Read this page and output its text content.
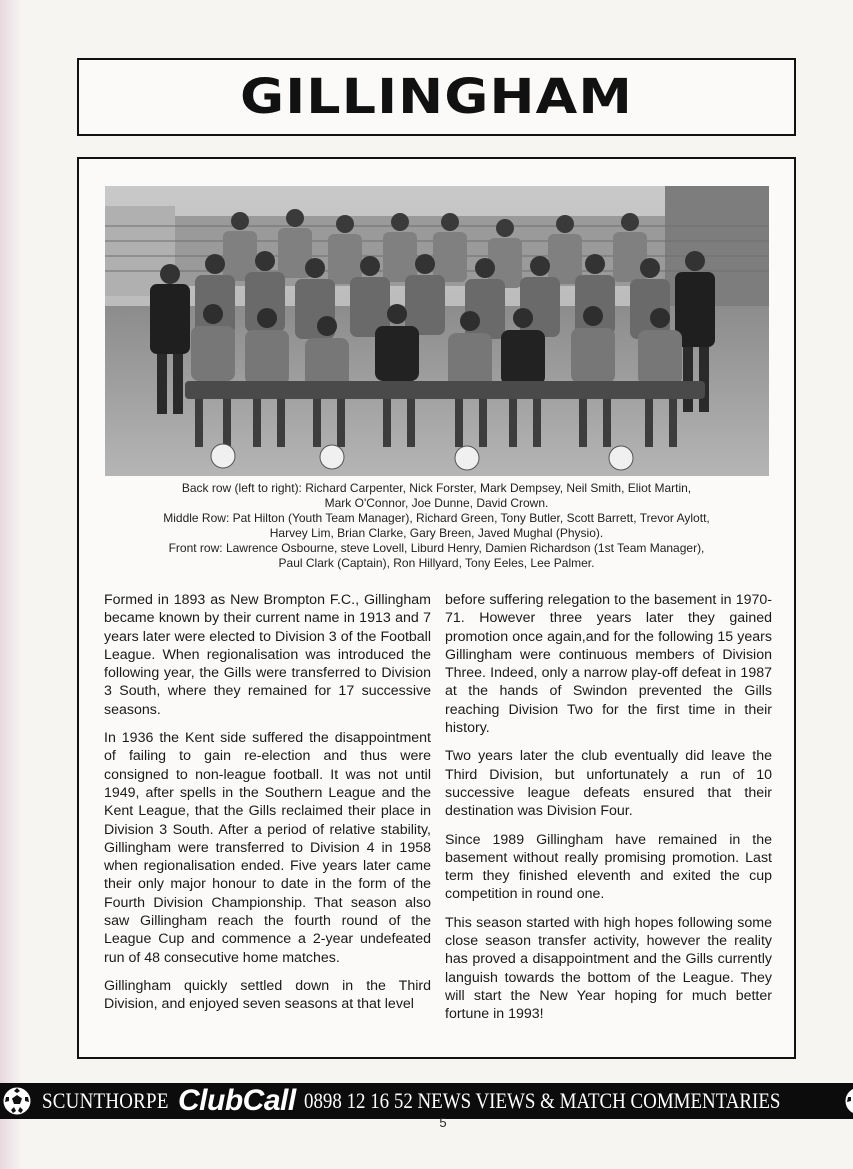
GILLINGHAM

Back row (left to right): Richard Carpenter, Nick Forster, Mark Dempsey, Neil Smith, Eliot Martin,

Mark O'Connor, Joe Dunne, David Crown.

Middle Row: Pat Hilton (Youth Team Manager), Richard Green, Tony Butler, Scott Barrett, Trevor Aylott,

Harvey Lim, Brian Clarke, Gary Breen, Javed Mughal (Physio).

Front row: Lawrence Osbourne, steve Lovell, Liburd Henry, Damien Richardson (1st Team Manager),

Paul Clark (Captain), Ron Hillyard, Tony Eeles, Lee Palmer.

Formed in 1893 as New Brompton F.C., Gillingham became known by their current name in 1913 and 7 years later were elected to Division 3 of the Football League. When regionalisation was introduced the following year, the Gills were transferred to Division 3 South, where they remained for 17 successive seasons.

In 1936 the Kent side suffered the disappointment of failing to gain re-election and thus were consigned to non-league football. It was not until 1949, after spells in the Southern League and the Kent League, that the Gills reclaimed their place in Division 3 South. After a period of relative stability, Gillingham were transferred to Division 4 in 1958 when regionalisation ended. Five years later came their only major honour to date in the form of the Fourth Division Championship. That season also saw Gillingham reach the fourth round of the League Cup and commence a 2-year undefeated run of 48 consecutive home matches.

Gillingham quickly settled down in the Third Division, and enjoyed seven seasons at that level

before suffering relegation to the basement in 1970-71. However three years later they gained promotion once again,and for the following 15 years Gillingham were continuous members of Division Three. Indeed, only a narrow play-off defeat in 1987 at the hands of Swindon prevented the Gills reaching Division Two for the first time in their history.

Two years later the club eventually did leave the Third Division, but unfortunately a run of 10 successive league defeats ensured that their destination was Division Four.

Since 1989 Gillingham have remained in the basement without really promising promotion. Last term they finished eleventh and exited the cup competition in round one.

This season started with high hopes following some close season transfer activity, however the reality has proved a disappointment and the Gills currently languish towards the bottom of the League. They will start the New Year hoping for much better fortune in 1993!

SCUNTHORPE ClubCall 0898 12 16 52 NEWS VIEWS & MATCH COMMENTARIES
5
